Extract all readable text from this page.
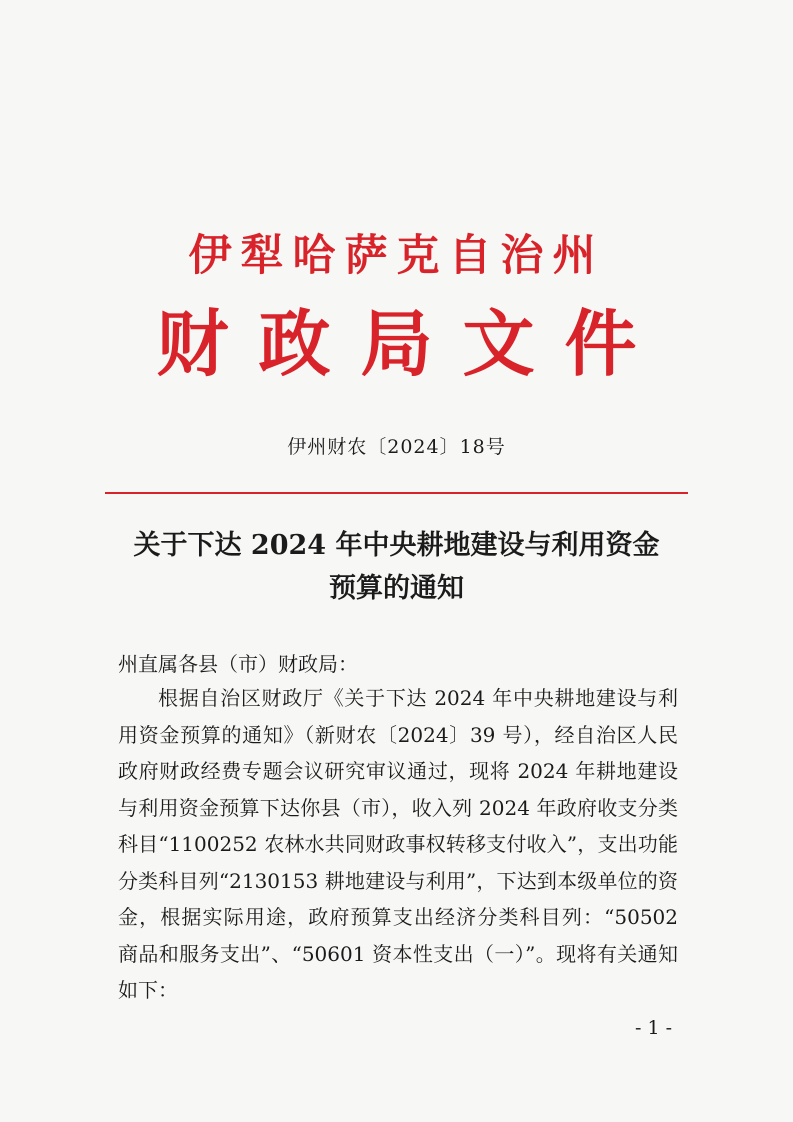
伊犁哈萨克自治州
财政局文件
伊州财农〔2024〕18号
关于下达 2024 年中央耕地建设与利用资金
预算的通知
州直属各县（市）财政局：

根据自治区财政厅《关于下达 2024 年中央耕地建设与利用资金预算的通知》（新财农〔2024〕39 号），经自治区人民政府财政经费专题会议研究审议通过，现将 2024 年耕地建设与利用资金预算下达你县（市），收入列 2024 年政府收支分类科目“1100252 农林水共同财政事权转移支付收入”，支出功能分类科目列“2130153 耕地建设与利用”，下达到本级单位的资金，根据实际用途，政府预算支出经济分类科目列：“50502 商品和服务支出”、“50601 资本性支出（一）”。现将有关通知如下：

- 1 -
